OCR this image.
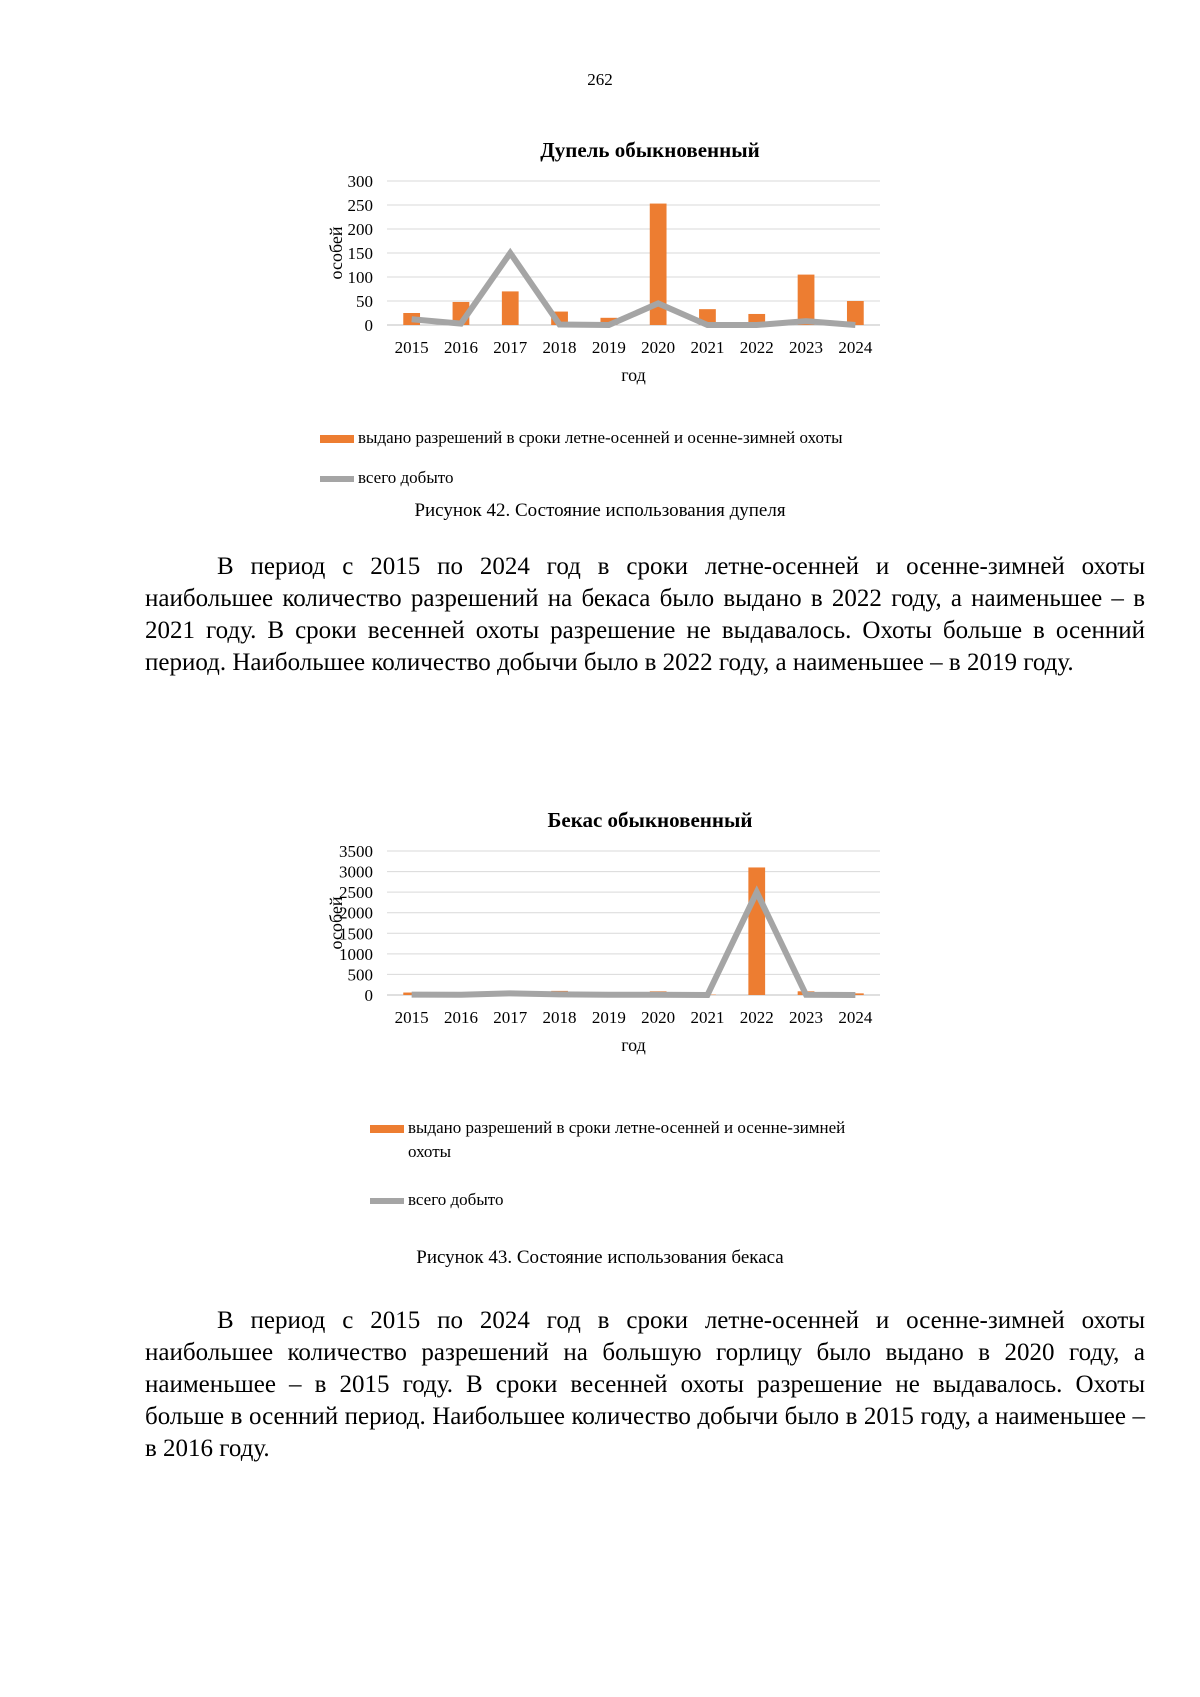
262
Дупель обыкновенный
0
50
100
150
200
250
300
2015 2016 2017 2018 2019 2020 2021 2022 2023 2024
год
особей
выдано разрешений в сроки летне-осенней и осенне-зимней охоты
всего добыто
Рисунок 42. Состояние использования дупеля

В период с 2015 по 2024 год в сроки летне-осенней и осенне-зимней охоты наибольшее количество разрешений на бекаса было выдано в 2022 году, а наименьшее – в 2021 году. В сроки весенней охоты разрешение не выдавалось. Охоты больше в осенний период. Наибольшее количество добычи было в 2022 году, а наименьшее – в 2019 году.

Бекас обыкновенный
0
500
1000
1500
2000
2500
3000
3500
2015 2016 2017 2018 2019 2020 2021 2022 2023 2024
год
особей
выдано разрешений в сроки летне-осенней и осенне-зимней охоты
всего добыто
Рисунок 43. Состояние использования бекаса

В период с 2015 по 2024 год в сроки летне-осенней и осенне-зимней охоты наибольшее количество разрешений на большую горлицу было выдано в 2020 году, а наименьшее – в 2015 году. В сроки весенней охоты разрешение не выдавалось. Охоты больше в осенний период. Наибольшее количество добычи было в 2015 году, а наименьшее – в 2016 году.
